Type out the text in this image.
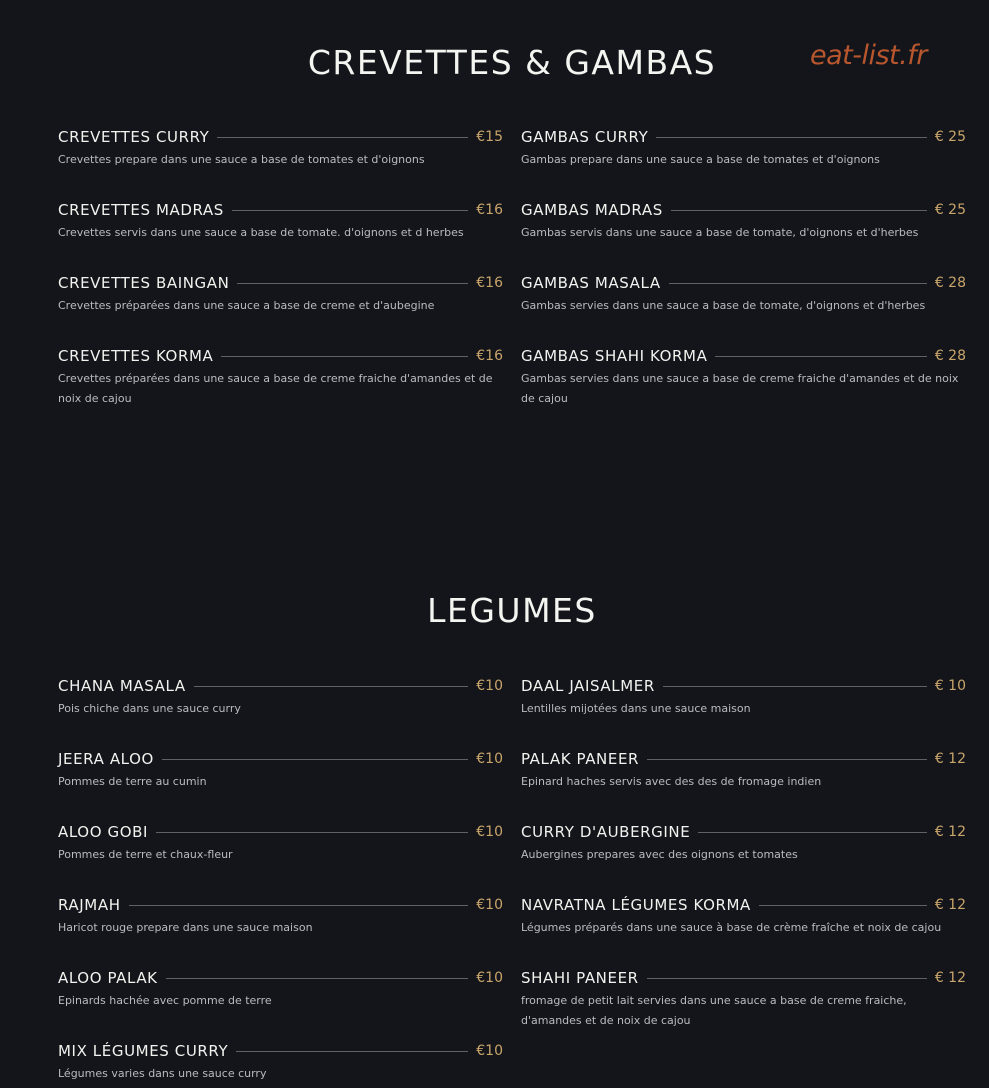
eat-list.fr
CREVETTES & GAMBAS
CREVETTES CURRY	€15
Crevettes prepare dans une sauce a base de tomates et d'oignons
CREVETTES MADRAS	€16
Crevettes servis dans une sauce a base de tomate. d'oignons et d herbes
CREVETTES BAINGAN	€16
Crevettes préparées dans une sauce a base de creme et d'aubegine
CREVETTES KORMA	€16
Crevettes préparées dans une sauce a base de creme fraiche d'amandes et de noix de cajou
GAMBAS CURRY	€ 25
Gambas prepare dans une sauce a base de tomates et d'oignons
GAMBAS MADRAS	€ 25
Gambas servis dans une sauce a base de tomate, d'oignons et d'herbes
GAMBAS MASALA	€ 28
Gambas servies dans une sauce a base de tomate, d'oignons et d'herbes
GAMBAS SHAHI KORMA	€ 28
Gambas servies dans une sauce a base de creme fraiche d'amandes et de noix de cajou
LEGUMES
CHANA MASALA	€10
Pois chiche dans une sauce curry
JEERA ALOO	€10
Pommes de terre au cumin
ALOO GOBI	€10
Pommes de terre et chaux-fleur
RAJMAH	€10
Haricot rouge prepare dans une sauce maison
ALOO PALAK	€10
Epinards hachée avec pomme de terre
MIX LÉGUMES CURRY	€10
Légumes varies dans une sauce curry
DAAL JAISALMER	€ 10
Lentilles mijotées dans une sauce maison
PALAK PANEER	€ 12
Epinard haches servis avec des des de fromage indien
CURRY D'AUBERGINE	€ 12
Aubergines prepares avec des oignons et tomates
NAVRATNA LÉGUMES KORMA	€ 12
Légumes préparés dans une sauce à base de crème fraîche et noix de cajou
SHAHI PANEER	€ 12
fromage de petit lait servies dans une sauce a base de creme fraiche, d'amandes et de noix de cajou
